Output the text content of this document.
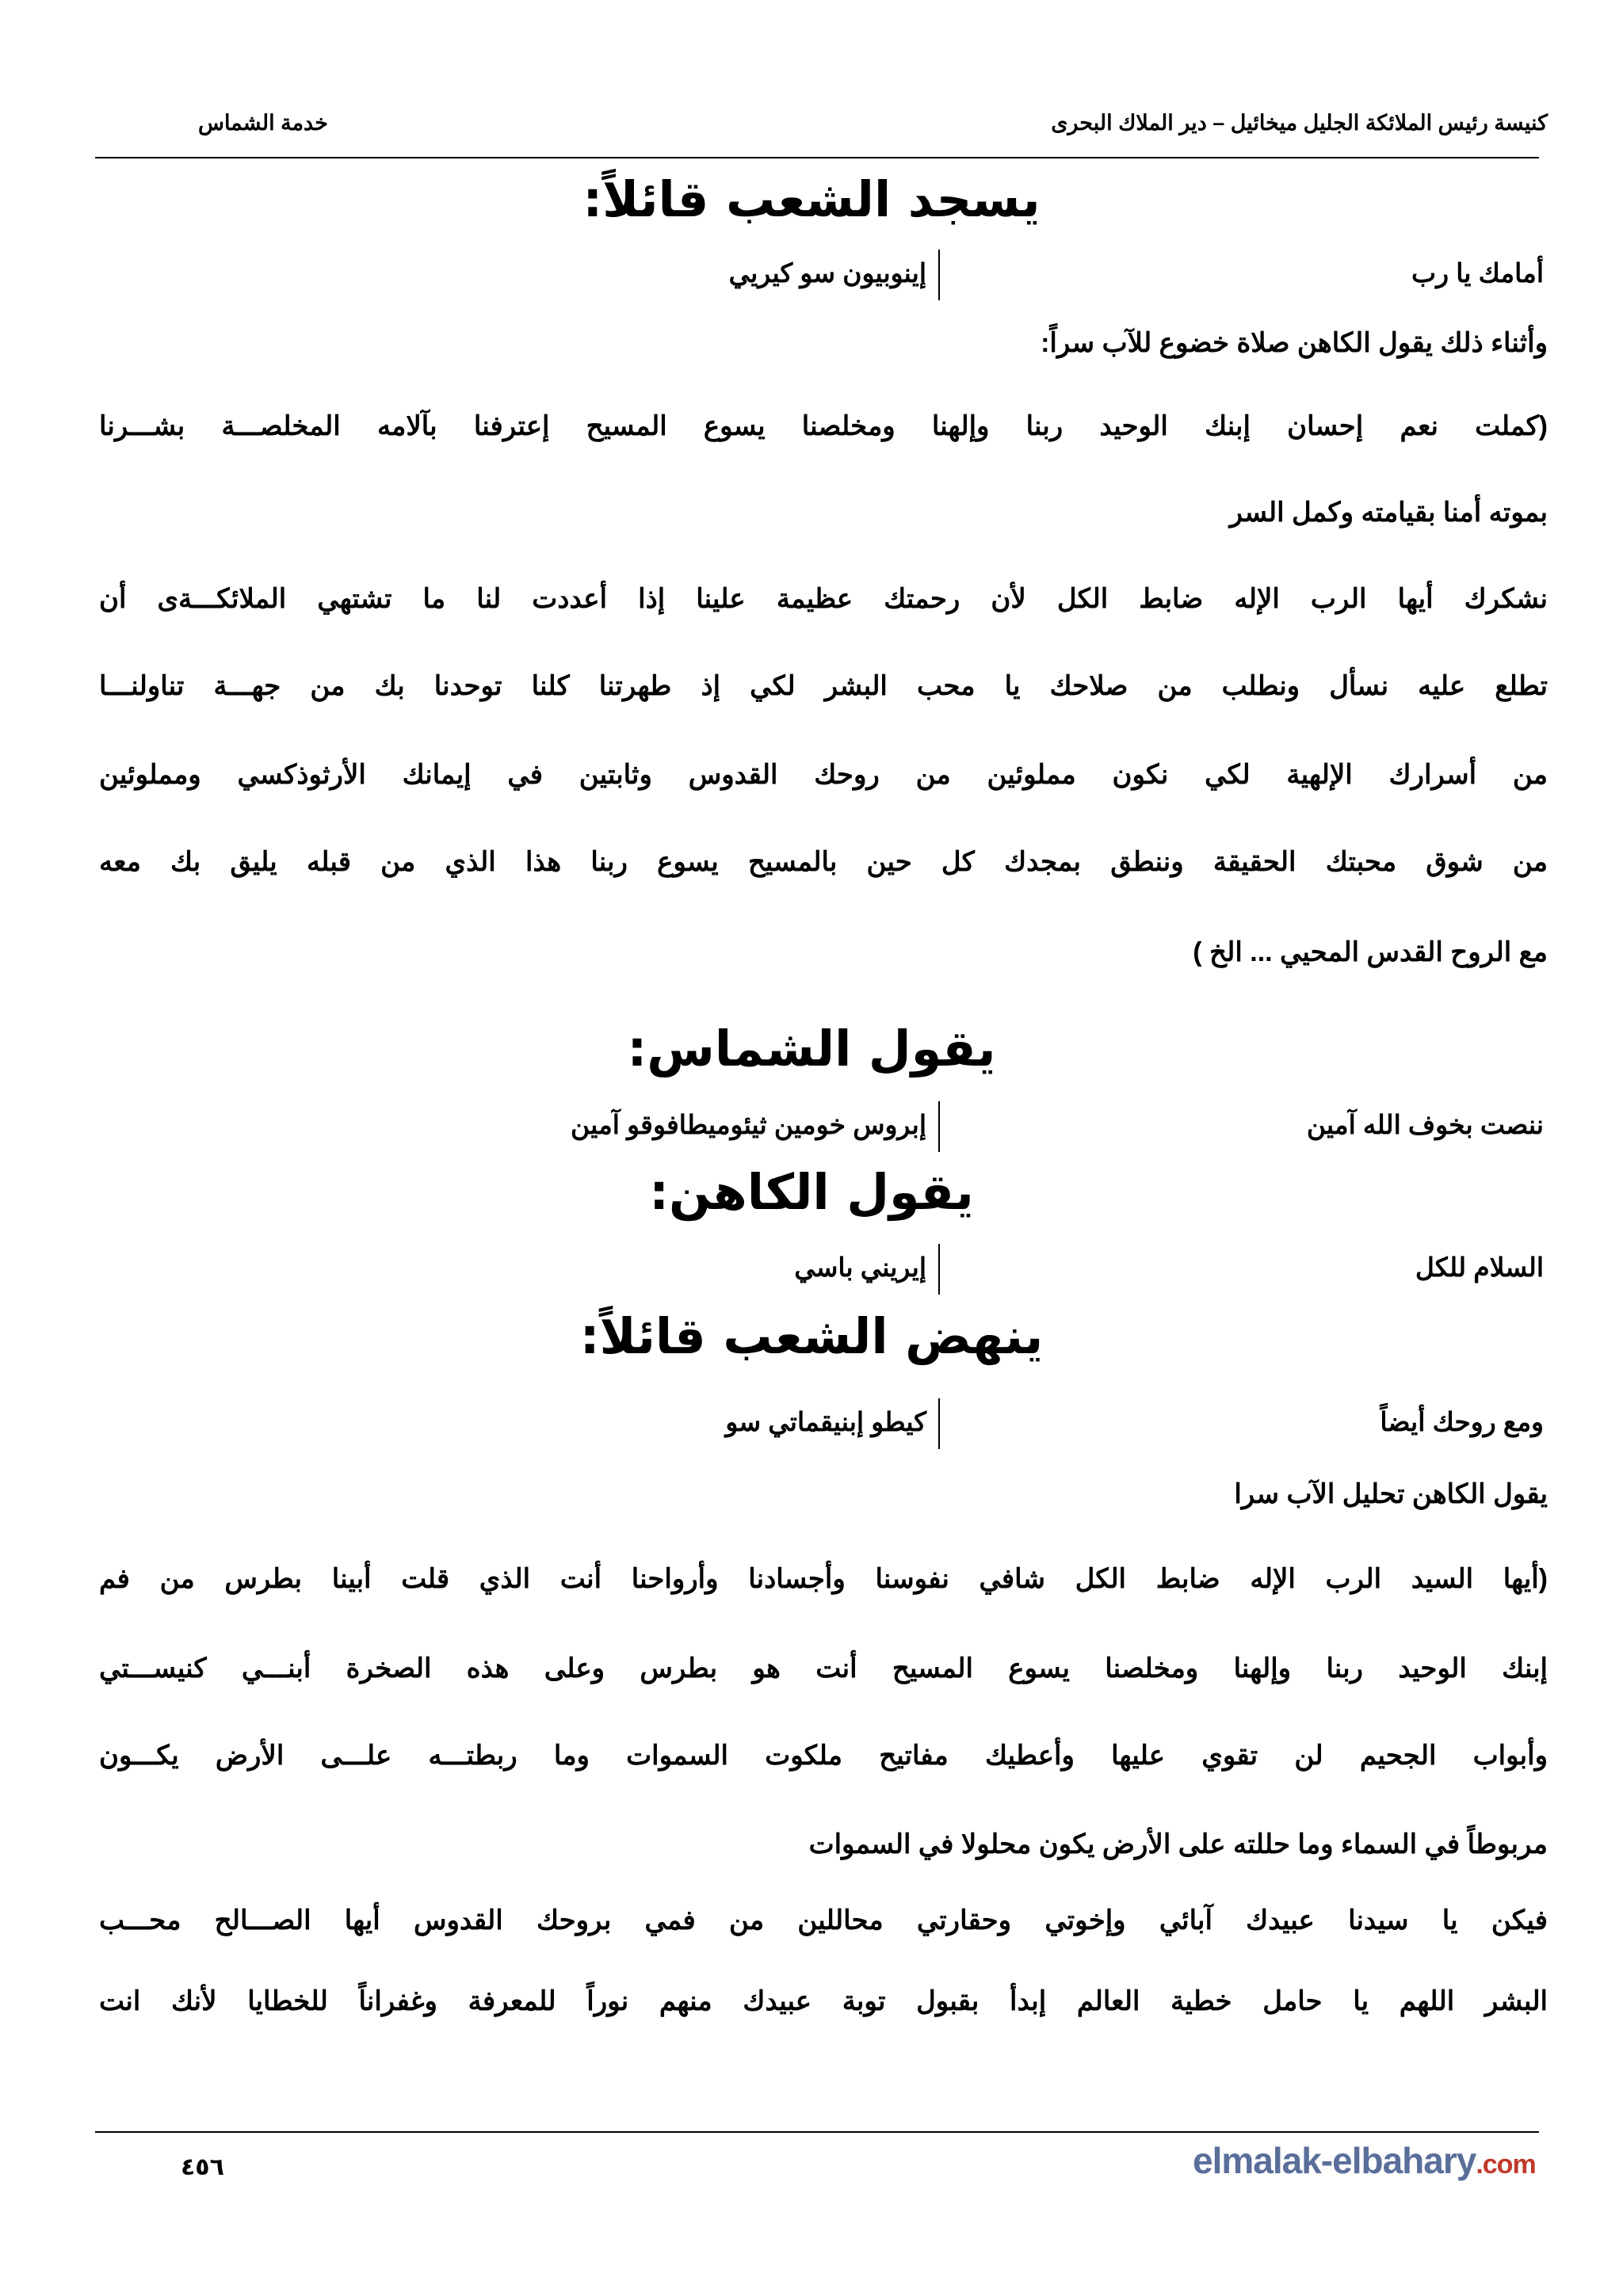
كنيسة رئيس الملائكة الجليل ميخائيل – دير الملاك البحرى
خدمة الشماس
يسجد الشعب قائلاً:
أمامك يا رب
إينوبيون سو كيريي
وأثناء ذلك يقول الكاهن صلاة خضوع للآب سراً:
(كملت نعم إحسان إبنك الوحيد ربنا وإلهنا ومخلصنا يسوع المسيح إعترفنا بآلامه المخلصـــة بشـــرنا
بموته أمنا بقيامته وكمل السر
نشكرك أيها الرب الإله ضابط الكل لأن رحمتك عظيمة علينا إذا أعددت لنا ما تشتهي الملائكـــةى أن
تطلع عليه نسأل ونطلب من صلاحك يا محب البشر لكي إذ طهرتنا كلنا توحدنا بك من جهـــة تناولنـــا
من أسرارك الإلهية لكي نكون مملوئين من روحك القدوس وثابتين في إيمانك الأرثوذكسي ومملوئين
من شوق محبتك الحقيقة وننطق بمجدك كل حين بالمسيح يسوع ربنا هذا الذي من قبله يليق بك معه
مع الروح القدس المحيي ... الخ )
يقول الشماس:
ننصت بخوف الله آمين
إبروس خومين ثيئوميطافوقو آمين
يقول الكاهن:
السلام للكل
إيريني باسي
ينهض الشعب قائلاً:
ومع روحك أيضاً
كيطو إبنيقماتي سو
يقول الكاهن تحليل الآب سرا
(أيها السيد الرب الإله ضابط الكل شافي نفوسنا وأجسادنا وأرواحنا أنت الذي قلت أبينا بطرس من فم
إبنك الوحيد ربنا وإلهنا ومخلصنا يسوع المسيح أنت هو بطرس وعلى هذه الصخرة أبنـــي كنيســـتي
وأبواب الجحيم لن تقوي عليها وأعطيك مفاتيح ملكوت السموات وما ربطتـــه علـــى الأرض يكـــون
مربوطاً في السماء وما حللته على الأرض يكون محلولا في السموات
فيكن يا سيدنا عبيدك آبائي وإخوتي وحقارتي محاللين من فمي بروحك القدوس أيها الصـــالح محـــب
البشر اللهم يا حامل خطية العالم إبدأ بقبول توبة عبيدك منهم نوراً للمعرفة وغفراناً للخطايا لأنك انت
٤٥٦	elmalak-elbahary.com
